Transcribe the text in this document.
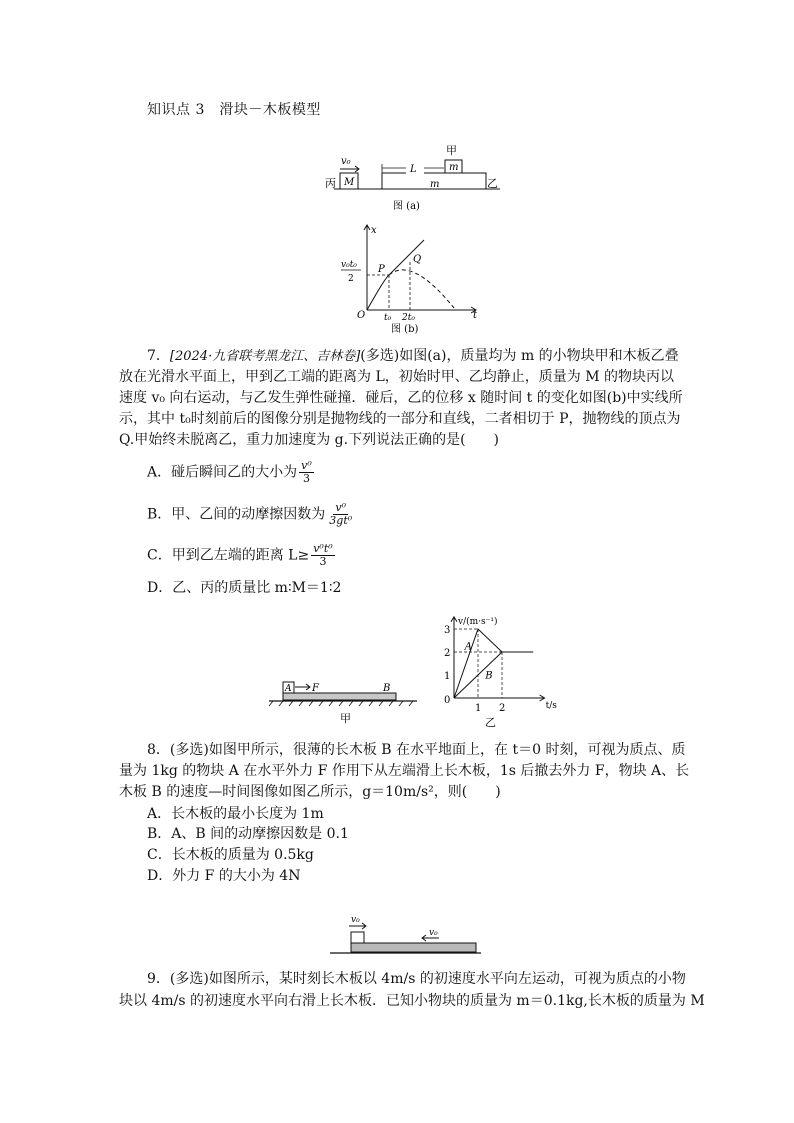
知识点 3　滑块－木板模型
v₀
丙 M	m	乙
m
甲
L
图 (a)
x
v₀t₀
2
P
Q
O t₀ 2t₀	t
图 (b)

7．[2024·九省联考黑龙江、吉林卷](多选)如图(a)，质量均为 m 的小物块甲和木板乙叠

放在光滑水平面上，甲到乙工端的距离为 L，初始时甲、乙均静止，质量为 M 的物块丙以

速度 v₀ 向右运动，与乙发生弹性碰撞．碰后，乙的位移 x 随时间 t 的变化如图(b)中实线所

示，其中 t₀时刻前后的图像分别是抛物线的一部分和直线，二者相切于 P，抛物线的顶点为

Q.甲始终未脱离乙，重力加速度为 g.下列说法正确的是(　　)

A．碰后瞬间乙的大小为 $\frac{\text{v⁰}}{3}$
B．甲、乙间的动摩擦因数为 $\frac{\text{v⁰}}{\text{3gt⁰}}$
C．甲到乙左端的距离 $L\ge \frac{\text{v⁰t⁰}}{3}$
D．乙、丙的质量比 m∶M＝1∶2
A F	B
甲
v/(m·s⁻¹)
t/s
0
1
2
3
1 2
A
B
乙

8．(多选)如图甲所示，很薄的长木板 B 在水平地面上，在 t＝0 时刻，可视为质点、质

量为 1kg 的物块 A 在水平外力 F 作用下从左端滑上长木板，1s 后撤去外力 F，物块 A、长

木板 B 的速度—时间图像如图乙所示，g＝10m/s²，则(　　)

A．长木板的最小长度为 1m
B．A、B 间的动摩擦因数是 0.1
C．长木板的质量为 0.5kg
D．外力 F 的大小为 4N
v₀
v₀

9．(多选)如图所示，某时刻长木板以 4m/s 的初速度水平向左运动，可视为质点的小物

块以 4m/s 的初速度水平向右滑上长木板．已知小物块的质量为 m＝0.1kg,长木板的质量为 M
